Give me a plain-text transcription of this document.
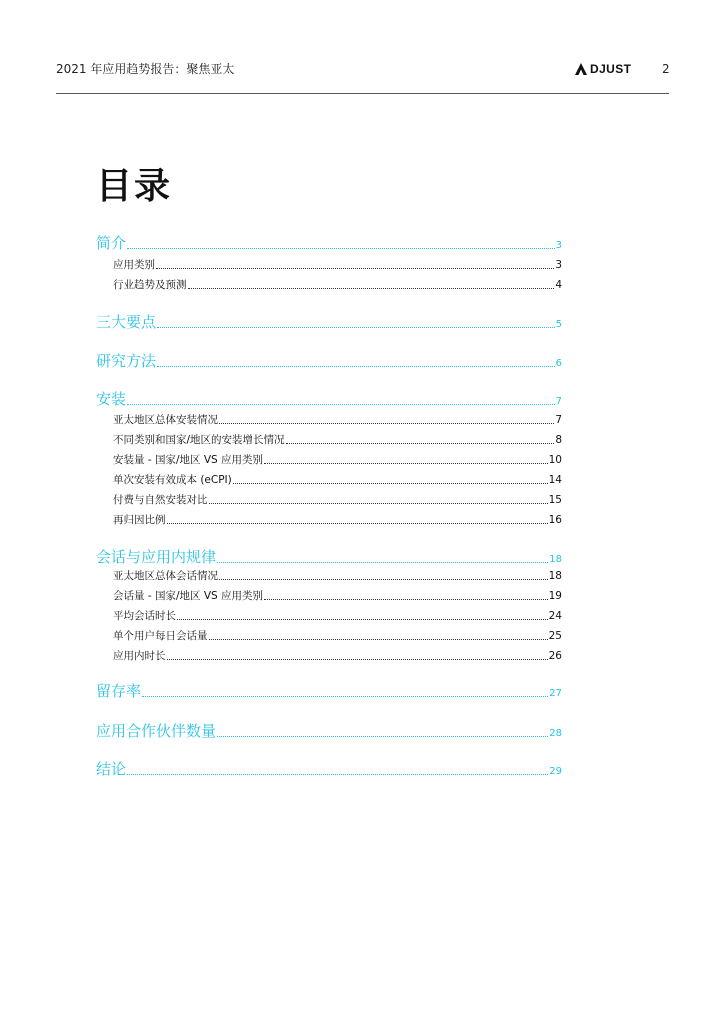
2021 年应用趋势报告：聚焦亚太	DJUST	2
目录
简介	3
应用类别	3
行业趋势及预测	4
三大要点	5
研究方法	6
安装	7
亚太地区总体安装情况	7
不同类别和国家/地区的安装增长情况	8
安装量 - 国家/地区 VS 应用类别	10
单次安装有效成本 (eCPI)	14
付费与自然安装对比	15
再归因比例	16
会话与应用内规律	18
亚太地区总体会话情况	18
会话量 - 国家/地区 VS 应用类别	19
平均会话时长	24
单个用户每日会话量	25
应用内时长	26
留存率	27
应用合作伙伴数量	28
结论	29
